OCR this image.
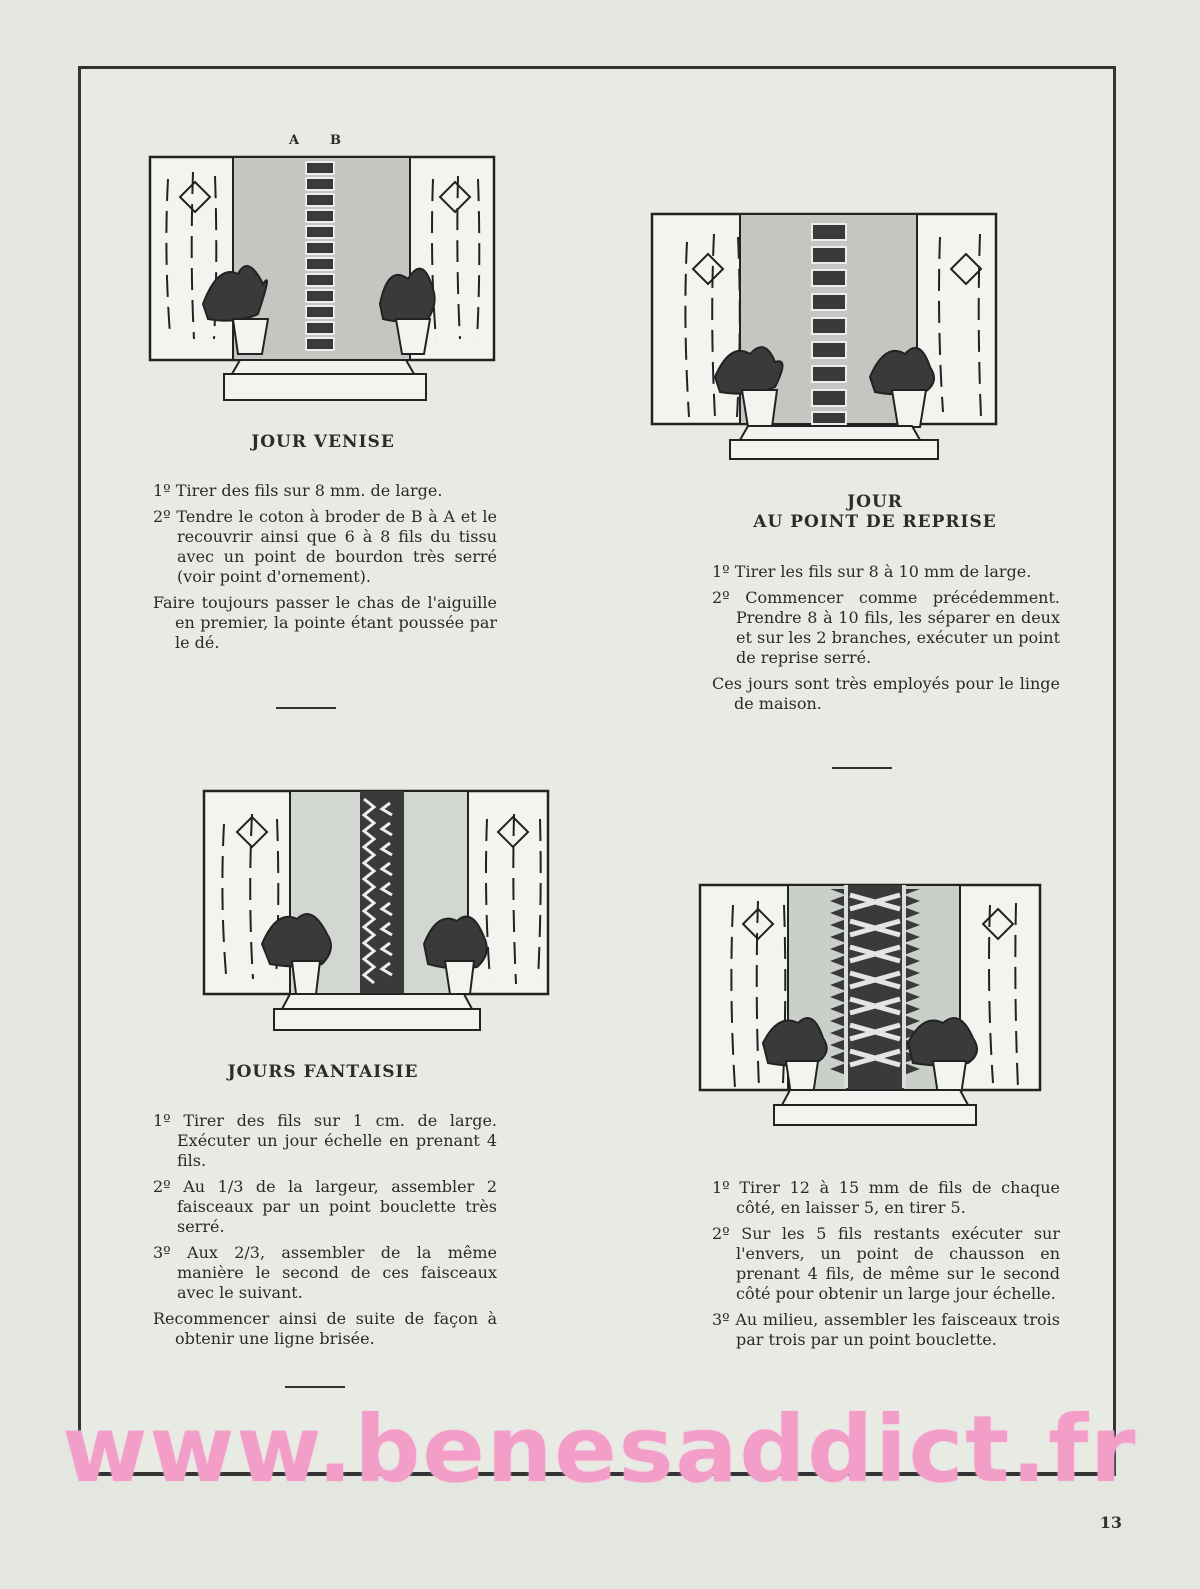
A B
JOUR VENISE

1º Tirer des fils sur 8 mm. de large.

2º Tendre le coton à broder de B à A et le recouvrir ainsi que 6 à 8 fils du tissu avec un point de bourdon très serré (voir point d'ornement).

Faire toujours passer le chas de l'aiguille en premier, la pointe étant poussée par le dé.

JOUR
AU POINT DE REPRISE

1º Tirer les fils sur 8 à 10 mm de large.

2º Commencer comme précédemment. Prendre 8 à 10 fils, les séparer en deux et sur les 2 branches, exécuter un point de reprise serré.

Ces jours sont très employés pour le linge de maison.

JOURS FANTAISIE

1º Tirer des fils sur 1 cm. de large. Exécuter un jour échelle en prenant 4 fils.

2º Au 1/3 de la largeur, assembler 2 faisceaux par un point bouclette très serré.

3º Aux 2/3, assembler de la même manière le second de ces faisceaux avec le suivant.

Recommencer ainsi de suite de façon à obtenir une ligne brisée.

1º Tirer 12 à 15 mm de fils de chaque côté, en laisser 5, en tirer 5.

2º Sur les 5 fils restants exécuter sur l'envers, un point de chausson en prenant 4 fils, de même sur le second côté pour obtenir un large jour échelle.

3º Au milieu, assembler les faisceaux trois par trois par un point bouclette.

www.benesaddict.fr
13
